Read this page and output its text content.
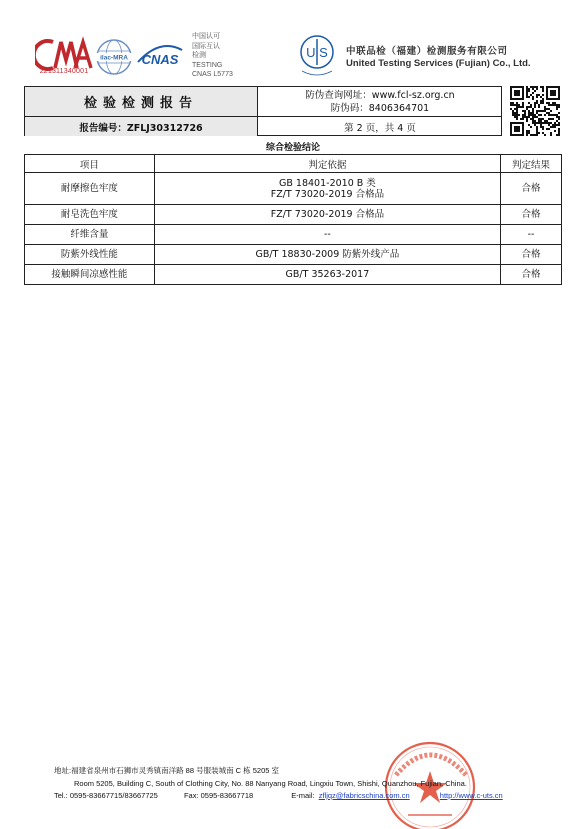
221311340001
ilac-MRA CNAS
中国认可
国际互认
检测
TESTING
CNAS L5773
U S 中联品检（福建）检测服务有限公司
United Testing Services (Fujian) Co., Ltd.
检验检测报告
报告编号：ZFLJ30312726
防伪查询网址：www.fcl-sz.org.cn
防伪码：8406364701
第 2 页，共 4 页
综合检验结论
项目	判定依据	判定结果
耐摩擦色牢度	GB 18401-2010 B 类
FZ/T 73020-2019 合格品	合格
耐皂洗色牢度	FZ/T 73020-2019 合格品	合格
纤维含量	--	--
防紫外线性能	GB/T 18830-2009 防紫外线产品	合格
接触瞬间凉感性能	GB/T 35263-2017	合格
地址:福建省泉州市石狮市灵秀镇南洋路 88 号服装城南 C 栋 5205 室
Room 5205, Building C, South of Clothing City, No. 88 Nanyang Road, Lingxiu Town, Shishi, Quanzhou, Fujian, China.
Tel.: 0595-83667715/83667725	Fax: 0595-83667718	E-mail: zfljqz@fabricschina.com.cn	http://www.c-uts.cn
